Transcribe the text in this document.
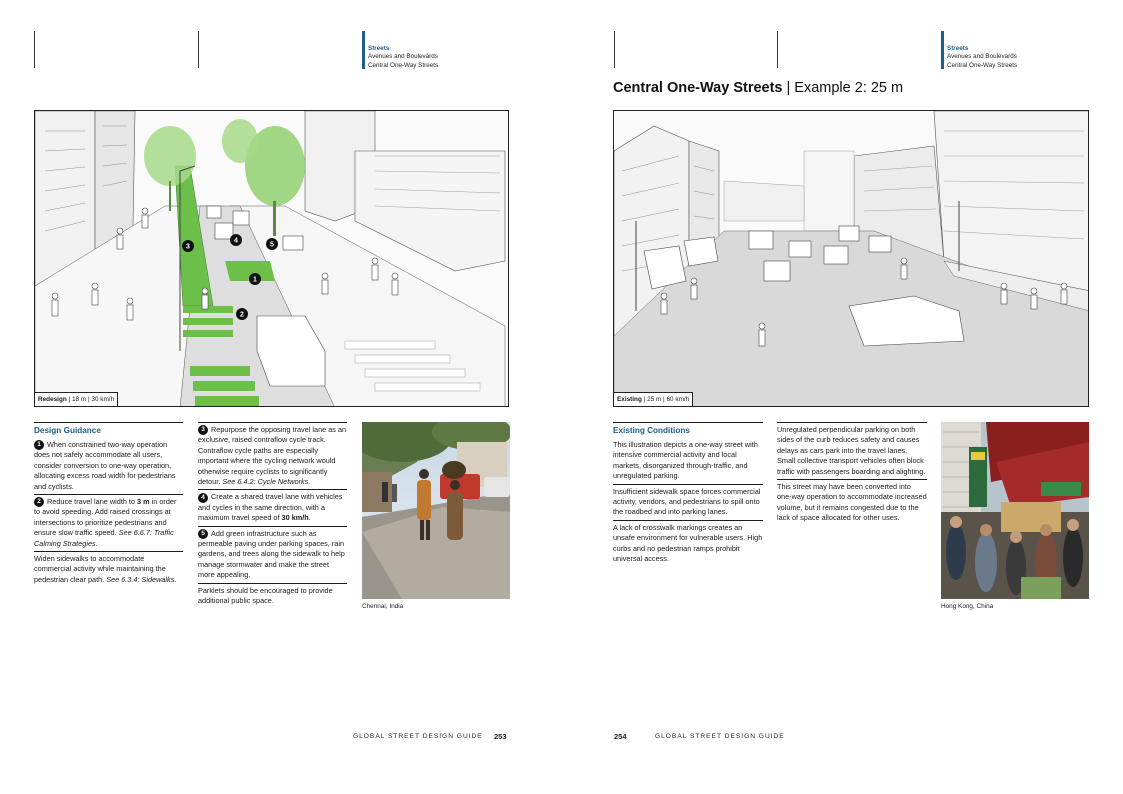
Streets
Avenues and Boulevards
Central One-Way Streets
1
2
3
4
5
Redesign | 18 m | 30 km/h
Design Guidance
1 When constrained two-way operation does not safely accommodate all users, consider conversion to one-way operation, allocating excess road width for pedestrians and cyclists.
2 Reduce travel lane width to 3 m in order to avoid speeding. Add raised crossings at intersections to prioritize pedestrians and ensure slow traffic speed. See 6.6.7: Traffic Calming Strategies.
Widen sidewalks to accommodate commercial activity while maintaining the pedestrian clear path. See 6.3.4: Sidewalks.
3 Repurpose the opposing travel lane as an exclusive, raised contraflow cycle track. Contraflow cycle paths are especially important where the cycling network would otherwise require cyclists to significantly detour. See 6.4.2: Cycle Networks.
4 Create a shared travel lane with vehicles and cycles in the same direction, with a maximum travel speed of 30 km/h.
5 Add green infrastructure such as permeable paving under parking spaces, rain gardens, and trees along the sidewalk to help manage stormwater and make the street more appealing.
Parklets should be encouraged to provide additional public space.
Chennai, India
GLOBAL STREET DESIGN GUIDE 253
Streets
Avenues and Boulevards
Central One-Way Streets
Central One-Way Streets | Example 2: 25 m
Existing | 25 m | 60 km/h
Existing Conditions
This illustration depicts a one-way street with intensive commercial activity and local markets, disorganized through-traffic, and unregulated parking.
Insufficient sidewalk space forces commercial activity, vendors, and pedestrians to spill onto the roadbed and into parking lanes.
A lack of crosswalk markings creates an unsafe environment for vulnerable users. High curbs and no pedestrian ramps prohibit universal access.
Unregulated perpendicular parking on both sides of the curb reduces safety and causes delays as cars park into the travel lanes. Small collective transport vehicles often block traffic with passengers boarding and alighting.
This street may have been converted into one-way operation to accommodate increased volume, but it remains congested due to the lack of space allocated for other uses.
Hong Kong, China
254	GLOBAL STREET DESIGN GUIDE
